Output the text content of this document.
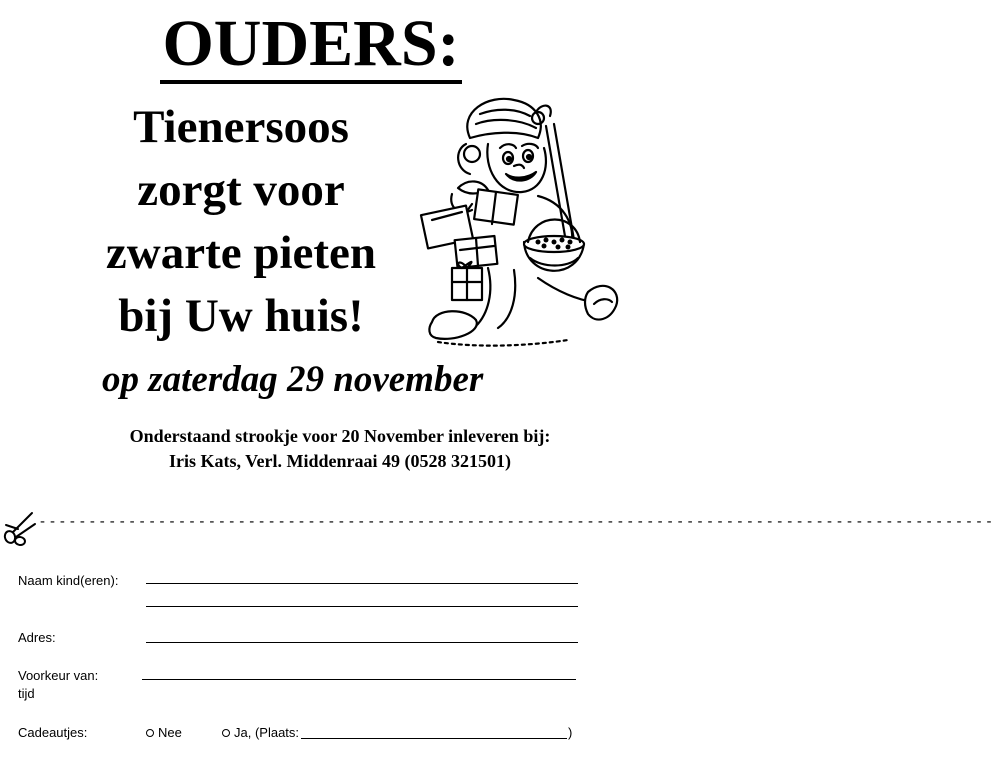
OUDERS:
Tienersoos
zorgt voor
zwarte pieten
bij Uw huis!
op zaterdag 29 november
Onderstaand strookje voor 20 November inleveren bij:
Iris Kats, Verl. Middenraai 49 (0528 321501)
- - - - - - - - - - - - - - - - - - - - - - - - - - - - - - - - - - - - - - - - - - - - - - - - - - - - - - - - - - - - - - - - - - - - - - - - - - - - - - - - - - - - - - - - - - - - - - - -
Naam kind(eren):
Adres:
Voorkeur van:
tijd
Cadeautjes:	Nee	Ja, (Plaats:	)
